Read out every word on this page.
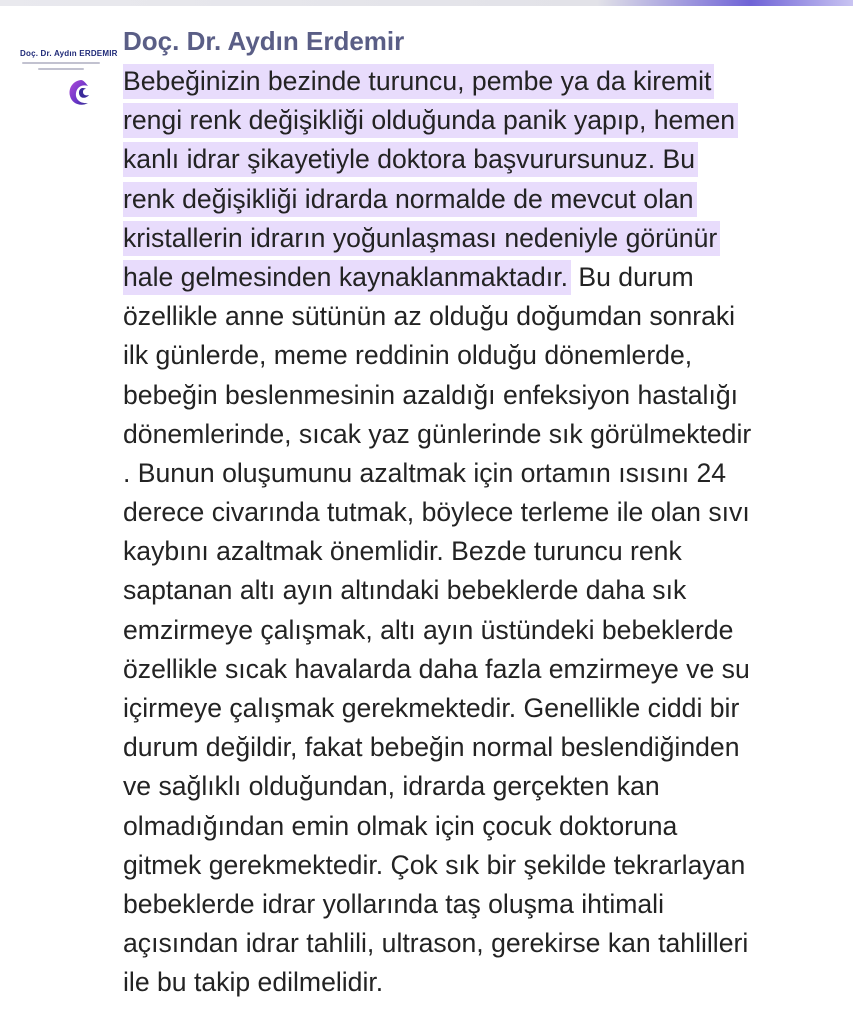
Doç. Dr. Aydın ERDEMIR Doç. Dr. Aydın Erdemir
Bebeğinizin bezinde turuncu, pembe ya da kiremit
rengi renk değişikliği olduğunda panik yapıp, hemen
kanlı idrar şikayetiyle doktora başvurursunuz. Bu
renk değişikliği idrarda normalde de mevcut olan
kristallerin idrarın yoğunlaşması nedeniyle görünür
hale gelmesinden kaynaklanmaktadır. Bu durum
özellikle anne sütünün az olduğu doğumdan sonraki
ilk günlerde, meme reddinin olduğu dönemlerde,
bebeğin beslenmesinin azaldığı enfeksiyon hastalığı
dönemlerinde, sıcak yaz günlerinde sık görülmektedir
. Bunun oluşumunu azaltmak için ortamın ısısını 24
derece civarında tutmak, böylece terleme ile olan sıvı
kaybını azaltmak önemlidir. Bezde turuncu renk
saptanan altı ayın altındaki bebeklerde daha sık
emzirmeye çalışmak, altı ayın üstündeki bebeklerde
özellikle sıcak havalarda daha fazla emzirmeye ve su
içirmeye çalışmak gerekmektedir. Genellikle ciddi bir
durum değildir, fakat bebeğin normal beslendiğinden
ve sağlıklı olduğundan, idrarda gerçekten kan
olmadığından emin olmak için çocuk doktoruna
gitmek gerekmektedir. Çok sık bir şekilde tekrarlayan
bebeklerde idrar yollarında taş oluşma ihtimali
açısından idrar tahlili, ultrason, gerekirse kan tahlilleri
ile bu takip edilmelidir.
